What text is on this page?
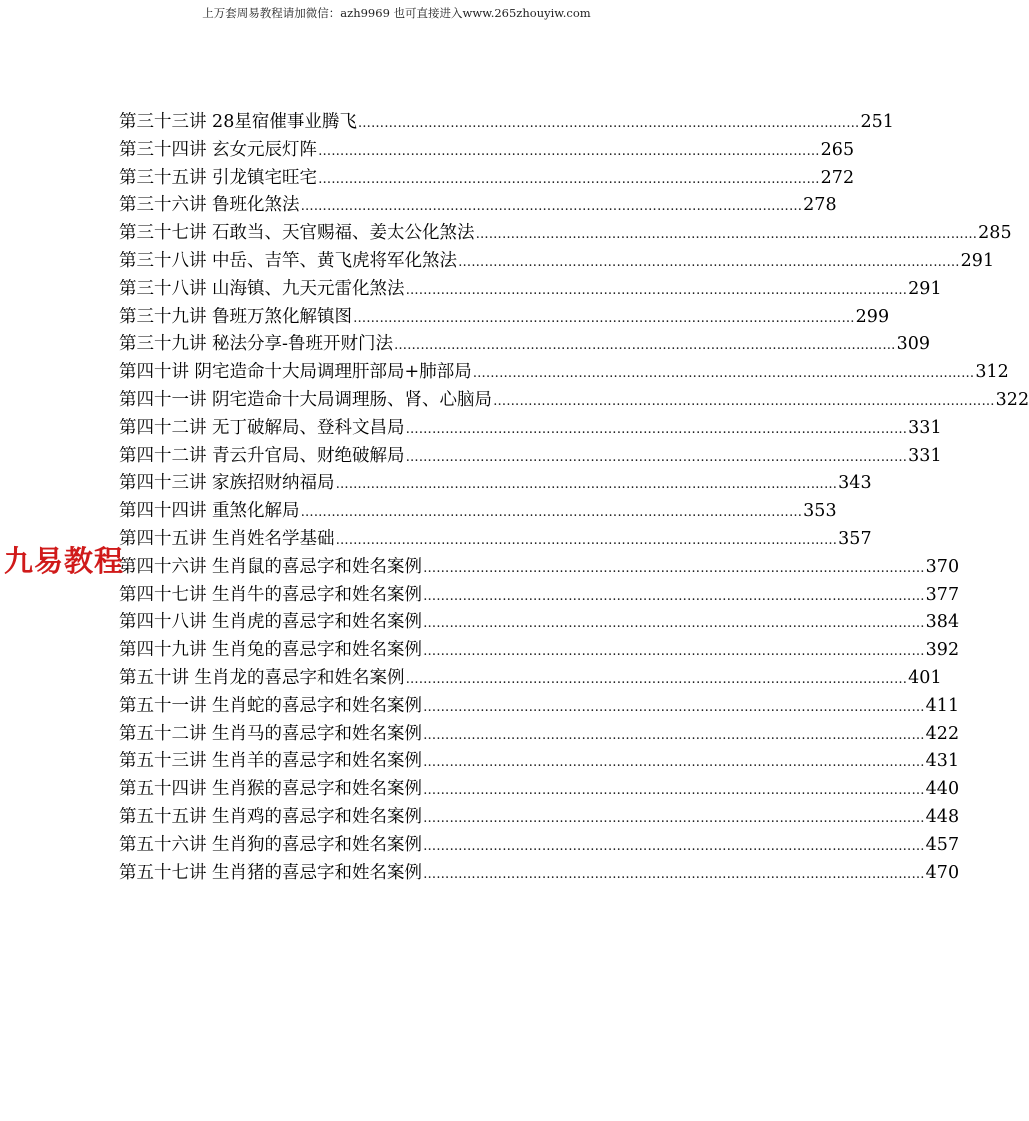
上万套周易教程请加微信：azh9969 也可直接进入www.265zhouyiw.com
第三十三讲 28星宿催事业腾飞 …………………………………………………………………………………………………… 251
第三十四讲 玄女元辰灯阵 …………………………………………………………………………………………………… 265
第三十五讲 引龙镇宅旺宅 …………………………………………………………………………………………………… 272
第三十六讲 鲁班化煞法 …………………………………………………………………………………………………… 278
第三十七讲 石敢当、天官赐福、姜太公化煞法 …………………………………………………………………………………………………… 285
第三十八讲 中岳、吉竿、黄飞虎将军化煞法 …………………………………………………………………………………………………… 291
第三十八讲 山海镇、九天元雷化煞法 …………………………………………………………………………………………………… 291
第三十九讲 鲁班万煞化解镇图 …………………………………………………………………………………………………… 299
第三十九讲 秘法分享-鲁班开财门法 …………………………………………………………………………………………………… 309
第四十讲 阴宅造命十大局调理肝部局+肺部局 …………………………………………………………………………………………………… 312
第四十一讲 阴宅造命十大局调理肠、肾、心脑局 …………………………………………………………………………………………………… 322
第四十二讲 无丁破解局、登科文昌局 …………………………………………………………………………………………………… 331
第四十二讲 青云升官局、财绝破解局 …………………………………………………………………………………………………… 331
第四十三讲 家族招财纳福局 …………………………………………………………………………………………………… 343
第四十四讲 重煞化解局 …………………………………………………………………………………………………… 353
第四十五讲 生肖姓名学基础 …………………………………………………………………………………………………… 357
第四十六讲 生肖鼠的喜忌字和姓名案例 …………………………………………………………………………………………………… 370
第四十七讲 生肖牛的喜忌字和姓名案例 …………………………………………………………………………………………………… 377
第四十八讲 生肖虎的喜忌字和姓名案例 …………………………………………………………………………………………………… 384
第四十九讲 生肖兔的喜忌字和姓名案例 …………………………………………………………………………………………………… 392
第五十讲 生肖龙的喜忌字和姓名案例 …………………………………………………………………………………………………… 401
第五十一讲 生肖蛇的喜忌字和姓名案例 …………………………………………………………………………………………………… 411
第五十二讲 生肖马的喜忌字和姓名案例 …………………………………………………………………………………………………… 422
第五十三讲 生肖羊的喜忌字和姓名案例 …………………………………………………………………………………………………… 431
第五十四讲 生肖猴的喜忌字和姓名案例 …………………………………………………………………………………………………… 440
第五十五讲 生肖鸡的喜忌字和姓名案例 …………………………………………………………………………………………………… 448
第五十六讲 生肖狗的喜忌字和姓名案例 …………………………………………………………………………………………………… 457
第五十七讲 生肖猪的喜忌字和姓名案例 …………………………………………………………………………………………………… 470
九易教程
